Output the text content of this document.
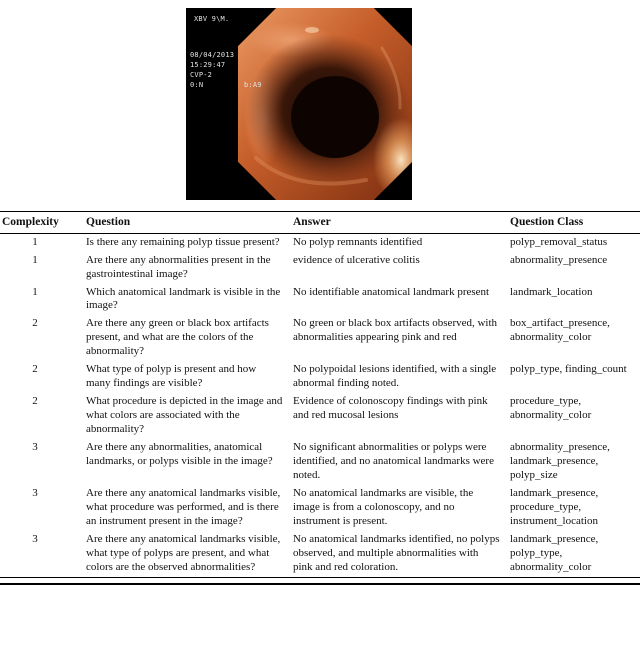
XBV 9\M.
08/04/2013
15:29:47
CVP-2
0:N	b:A9
Complexity	Question	Answer	Question Class
1	Is there any remaining polyp tissue present?	No polyp remnants identified	polyp_removal_status
1	Are there any abnormalities present in the gastrointestinal image?	evidence of ulcerative colitis	abnormality_presence
1	Which anatomical landmark is visible in the image?	No identifiable anatomical landmark present	landmark_location
2	Are there any green or black box artifacts present, and what are the colors of the abnormality?	No green or black box artifacts observed, with abnormalities appearing pink and red	box_artifact_presence, abnormality_color
2	What type of polyp is present and how many findings are visible?	No polypoidal lesions identified, with a single abnormal finding noted.	polyp_type, finding_count
2	What procedure is depicted in the image and what colors are associated with the abnormality?	Evidence of colonoscopy findings with pink and red mucosal lesions	procedure_type, abnormality_color
3	Are there any abnormalities, anatomical landmarks, or polyps visible in the image?	No significant abnormalities or polyps were identified, and no anatomical landmarks were noted.	abnormality_presence, landmark_presence, polyp_size
3	Are there any anatomical landmarks visible, what procedure was performed, and is there an instrument present in the image?	No anatomical landmarks are visible, the image is from a colonoscopy, and no instrument is present.	landmark_presence, procedure_type, instrument_location
3	Are there any anatomical landmarks visible, what type of polyps are present, and what colors are the observed abnormalities?	No anatomical landmarks identified, no polyps observed, and multiple abnormalities with pink and red coloration.	landmark_presence, polyp_type, abnormality_color
